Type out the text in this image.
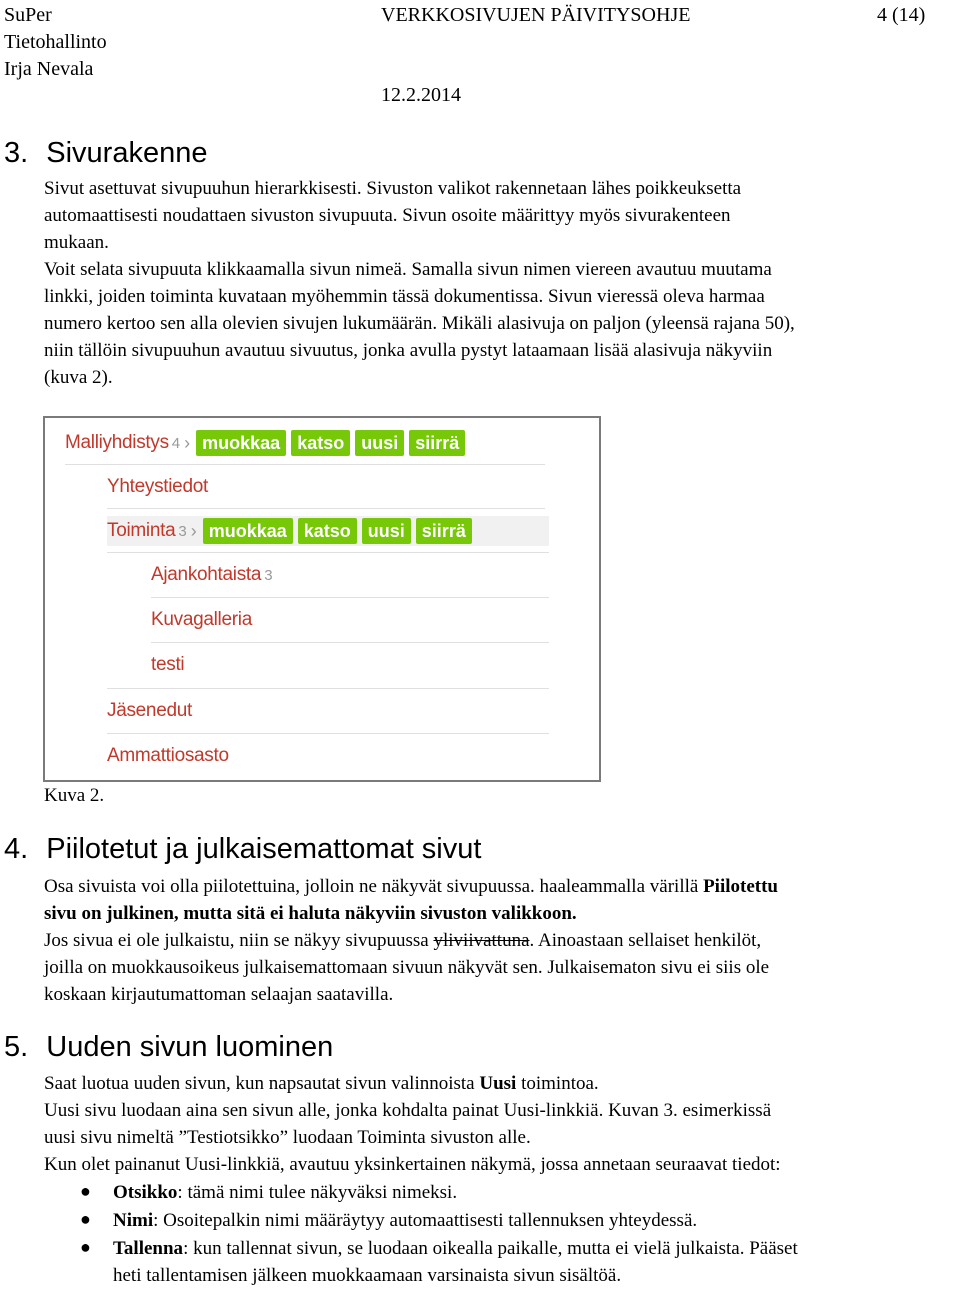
SuPer
Tietohallinto
Irja Nevala
VERKKOSIVUJEN PÄIVITYSOHJE	4 (14)
12.2.2014
3. Sivurakenne
Sivut asettuvat sivupuuhun hierarkkisesti. Sivuston valikot rakennetaan lähes poikkeuksetta
automaattisesti noudattaen sivuston sivupuuta. Sivun osoite määrittyy myös sivurakenteen
mukaan.
Voit selata sivupuuta klikkaamalla sivun nimeä. Samalla sivun nimen viereen avautuu muutama
linkki, joiden toiminta kuvataan myöhemmin tässä dokumentissa. Sivun vieressä oleva harmaa
numero kertoo sen alla olevien sivujen lukumäärän. Mikäli alasivuja on paljon (yleensä rajana 50),
niin tällöin sivupuuhun avautuu sivuutus, jonka avulla pystyt lataamaan lisää alasivuja näkyviin
(kuva 2).
Malliyhdistys 4 › muokkaa katso uusi siirrä
Yhteystiedot
Toiminta 3 › muokkaa katso uusi siirrä
Ajankohtaista 3
Kuvagalleria
testi
Jäsenedut
Ammattiosasto
Kuva 2.
4. Piilotetut ja julkaisemattomat sivut
Osa sivuista voi olla piilotettuina, jolloin ne näkyvät sivupuussa. haaleammalla värillä Piilotettu
sivu on julkinen, mutta sitä ei haluta näkyviin sivuston valikkoon.
Jos sivua ei ole julkaistu, niin se näkyy sivupuussa yliviivattuna. Ainoastaan sellaiset henkilöt,
joilla on muokkausoikeus julkaisemattomaan sivuun näkyvät sen. Julkaisematon sivu ei siis ole
koskaan kirjautumattoman selaajan saatavilla.
5. Uuden sivun luominen
Saat luotua uuden sivun, kun napsautat sivun valinnoista Uusi toimintoa.
Uusi sivu luodaan aina sen sivun alle, jonka kohdalta painat Uusi-linkkiä. Kuvan 3. esimerkissä
uusi sivu nimeltä ”Testiotsikko” luodaan Toiminta sivuston alle.
Kun olet painanut Uusi-linkkiä, avautuu yksinkertainen näkymä, jossa annetaan seuraavat tiedot:
● Otsikko: tämä nimi tulee näkyväksi nimeksi.
● Nimi: Osoitepalkin nimi määräytyy automaattisesti tallennuksen yhteydessä.
● Tallenna: kun tallennat sivun, se luodaan oikealla paikalle, mutta ei vielä julkaista. Pääset
heti tallentamisen jälkeen muokkaamaan varsinaista sivun sisältöä.
